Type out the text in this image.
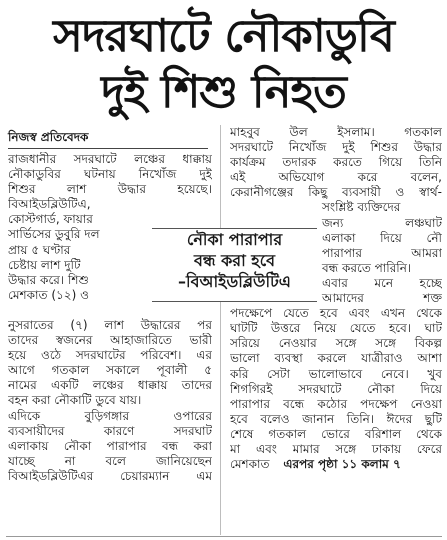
সদরঘাটে নৌকাডুবি
দুই শিশু নিহত
নিজস্ব প্রতিবেদক
রাজধানীর সদরঘাটে লঞ্চের ধাক্কায়
নৌকাডুবির ঘটনায় নিখোঁজ দুই
শিশুর লাশ উদ্ধার হয়েছে।
বিআইডব্লিউটিএ,
কোস্টগার্ড, ফায়ার
সার্ভিসের ডুবুরি দল
প্রায় ৫ ঘণ্টার
চেষ্টায় লাশ দুটি
উদ্ধার করে। শিশু
মেশকাত (১২) ও
নুসরাতের (৭) লাশ উদ্ধারের পর
তাদের স্বজনের আহাজারিতে ভারী
হয়ে ওঠে সদরঘাটের পরিবেশ। এর
আগে গতকাল সকালে পূবালী ৫
নামের একটি লঞ্চের ধাক্কায় তাদের
বহন করা নৌকাটি ডুবে যায়।
এদিকে বুড়িগঙ্গার ওপারের
ব্যবসায়ীদের কারণে সদরঘাট
এলাকায় নৌকা পারাপার বন্ধ করা
যাচ্ছে না বলে জানিয়েছেন
বিআইডব্লিউটিএর চেয়ারম্যান এম
মাহবুব উল ইসলাম। গতকাল
সদরঘাটে নিখোঁজ দুই শিশুর উদ্ধার
কার্যক্রম তদারক করতে গিয়ে তিনি
এই অভিযোগ করে বলেন,
কেরানীগঞ্জের কিছু ব্যবসায়ী ও স্বার্থ-
সংশ্লিষ্ট ব্যক্তিদের
জন্য লঞ্চঘাট
এলাকা দিয়ে নৌ
পারাপার আমরা
বন্ধ করতে পারিনি।
এবার মনে হচ্ছে
আমাদের শক্ত
পদক্ষেপে যেতে হবে এবং এখন থেকে
ঘাটটি উত্তরে নিয়ে যেতে হবে। ঘাট
সরিয়ে নেওয়ার সঙ্গে সঙ্গে বিকল্প
ভালো ব্যবস্থা করলে যাত্রীরাও আশা
করি সেটা ভালোভাবে নেবে। খুব
শিগগিরই সদরঘাটে নৌকা দিয়ে
পারাপার বন্ধে কঠোর পদক্ষেপ নেওয়া
হবে বলেও জানান তিনি। ঈদের ছুটি
শেষে গতকাল ভোরে বরিশাল থেকে
মা এবং মামার সঙ্গে ঢাকায় ফেরে
মেশকাত এরপর পৃষ্ঠা ১১ কলাম ৭
নৌকা পারাপার
বন্ধ করা হবে
–বিআইডব্লিউটিএ
